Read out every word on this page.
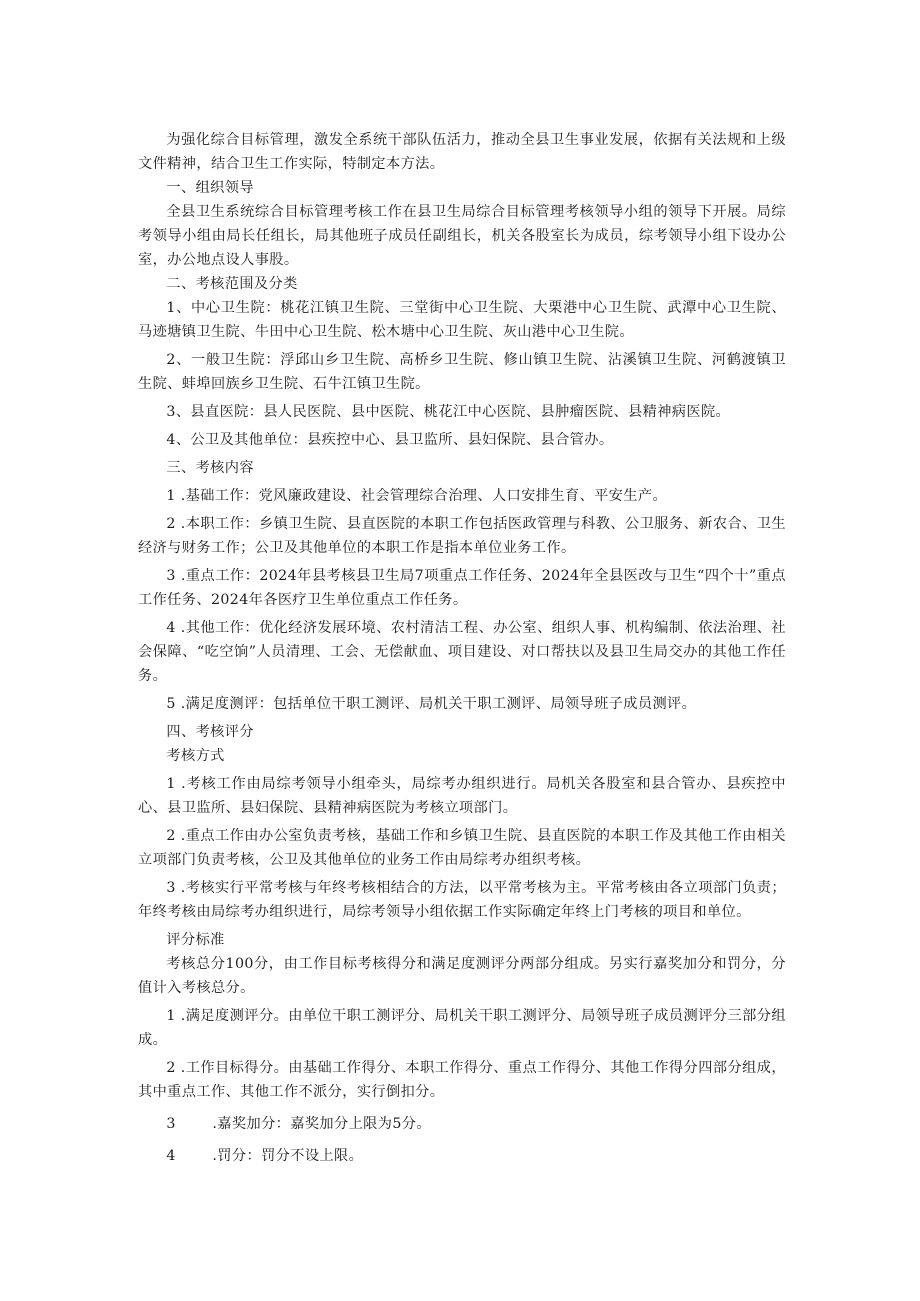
为强化综合目标管理，激发全系统干部队伍活力，推动全县卫生事业发展，依据有关法规和上级文件精神，结合卫生工作实际，特制定本方法。

一、组织领导

全县卫生系统综合目标管理考核工作在县卫生局综合目标管理考核领导小组的领导下开展。局综考领导小组由局长任组长，局其他班子成员任副组长，机关各股室长为成员，综考领导小组下设办公室，办公地点设人事股。

二、考核范围及分类

1、中心卫生院：桃花江镇卫生院、三堂街中心卫生院、大栗港中心卫生院、武潭中心卫生院、马迹塘镇卫生院、牛田中心卫生院、松木塘中心卫生院、灰山港中心卫生院。

2、一般卫生院：浮邱山乡卫生院、高桥乡卫生院、修山镇卫生院、沾溪镇卫生院、河鹤渡镇卫生院、蚌埠回族乡卫生院、石牛江镇卫生院。

3、县直医院：县人民医院、县中医院、桃花江中心医院、县肿瘤医院、县精神病医院。

4、公卫及其他单位：县疾控中心、县卫监所、县妇保院、县合管办。

三、考核内容

1 .基础工作：党风廉政建设、社会管理综合治理、人口安排生育、平安生产。

2 .本职工作：乡镇卫生院、县直医院的本职工作包括医政管理与科教、公卫服务、新农合、卫生经济与财务工作；公卫及其他单位的本职工作是指本单位业务工作。

3 .重点工作：2024年县考核县卫生局7项重点工作任务、2024年全县医改与卫生“四个十”重点工作任务、2024年各医疗卫生单位重点工作任务。

4 .其他工作：优化经济发展环境、农村清洁工程、办公室、组织人事、机构编制、依法治理、社会保障、“吃空饷”人员清理、工会、无偿献血、项目建设、对口帮扶以及县卫生局交办的其他工作任务。

5 .满足度测评：包括单位干职工测评、局机关干职工测评、局领导班子成员测评。

四、考核评分

考核方式

1 .考核工作由局综考领导小组牵头，局综考办组织进行。局机关各股室和县合管办、县疾控中心、县卫监所、县妇保院、县精神病医院为考核立项部门。

2 .重点工作由办公室负责考核，基础工作和乡镇卫生院、县直医院的本职工作及其他工作由相关立项部门负责考核，公卫及其他单位的业务工作由局综考办组织考核。

3 .考核实行平常考核与年终考核相结合的方法，以平常考核为主。平常考核由各立项部门负责；年终考核由局综考办组织进行，局综考领导小组依据工作实际确定年终上门考核的项目和单位。

评分标准

考核总分100分，由工作目标考核得分和满足度测评分两部分组成。另实行嘉奖加分和罚分，分值计入考核总分。

1 .满足度测评分。由单位干职工测评分、局机关干职工测评分、局领导班子成员测评分三部分组成。

2 .工作目标得分。由基础工作得分、本职工作得分、重点工作得分、其他工作得分四部分组成，其中重点工作、其他工作不派分，实行倒扣分。

3	.嘉奖加分：嘉奖加分上限为5分。

4	.罚分：罚分不设上限。
